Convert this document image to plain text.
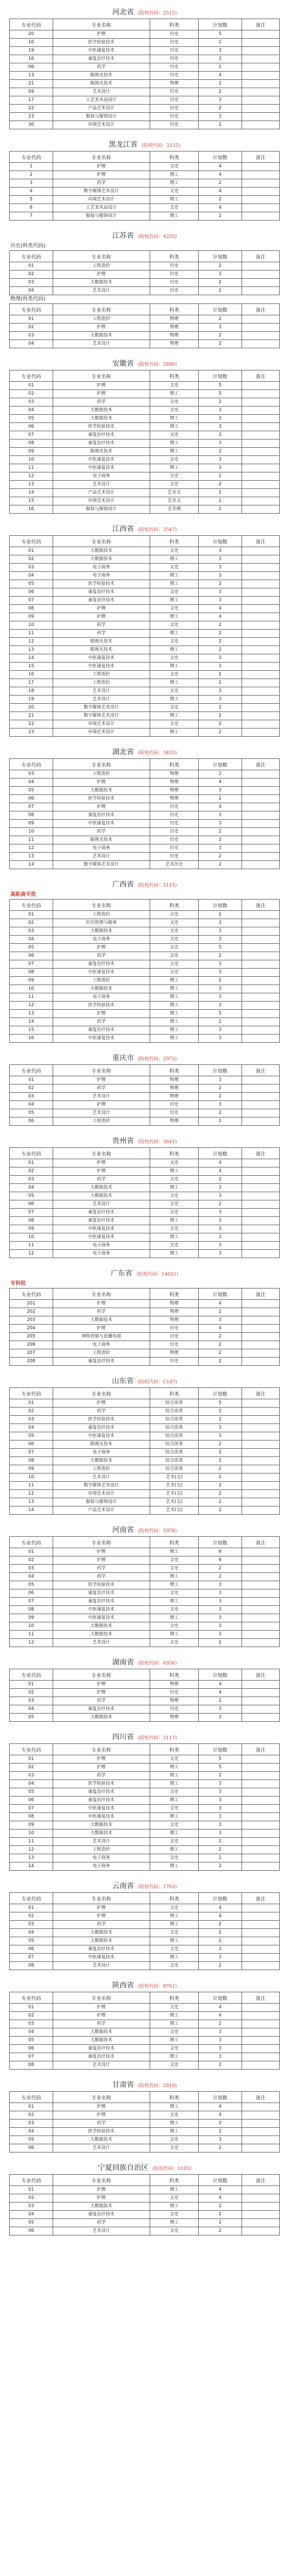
河北省 (院校代码：2515)
专业代码	专业名称	科类	计划数	备注
20	护理	历史	5	
10	医学检验技术	历史	1	
19	中医康复技术	历史	3	
16	康复治疗技术	历史	3	
06	药学	历史	2	
13	眼视光技术	历史	4	
21	眼视光技术	物理	2	
09	艺术设计	历史	2	
17	工艺美术品设计	历史	3	
22	产品艺术设计	历史	2	
23	服装与服饰设计	历史	3	
30	环境艺术设计	历史	2	
黑龙江省 (院校代码：2115)
专业代码	专业名称	科类	计划数	备注
1	护理	文史	4	
2	护理	理工	4	
3	药学	理工	2	
4	数字媒体艺术设计	文史	4	
5	环境艺术设计	理工	2	
6	工艺美术品设计	文史	4	
7	服装与服饰设计	理工	2	
江苏省 (院校代码：4255)
历史(科类代码)
专业代码	专业名称	科类	计划数	备注
01	工程造价	历史	2	
02	护理	历史	3	
03	大数据技术	历史	2	
04	艺术设计	历史	2	
物理(科类代码)
专业代码	专业名称	科类	计划数	备注
01	工程造价	物理	2	
02	护理	物理	3	
03	大数据技术	物理	2	
04	艺术设计	物理	2	
安徽省 (院校代码：2896)
专业代码	专业名称	科类	计划数	备注
01	护理	文史	5	
02	护理	理工	5	
03	药学	文史	2	
04	大数据技术	文史	3	
05	大数据技术	理工	3	
06	医学检验技术	理工	3	
07	康复治疗技术	文史	3	
08	康复治疗技术	理工	3	
09	眼视光技术	理工	2	
10	中医康复技术	文史	3	
11	中医康复技术	理工	3	
12	电子商务	文史	2	
13	艺术设计	文史	2	
14	产品艺术设计	艺术文	2	
15	环境艺术设计	艺术文	2	
16	服装与服饰设计	艺术理	2	
江西省 (院校代码：2547)
专业代码	专业名称	科类	计划数	备注
01	大数据技术	文史	3	
02	大数据技术	理工	3	
03	电子商务	文史	3	
04	电子商务	理工	3	
05	医学检验技术	理工	2	
06	康复治疗技术	文史	3	
07	康复治疗技术	理工	3	
08	护理	文史	4	
09	护理	理工	4	
10	药学	文史	2	
11	药学	理工	2	
12	眼视光技术	文史	2	
13	眼视光技术	理工	2	
14	中医康复技术	文史	3	
15	中医康复技术	理工	3	
16	工程造价	文史	2	
17	工程造价	理工	2	
18	艺术设计	文史	3	
19	艺术设计	理工	3	
20	数字媒体艺术设计	文史	2	
21	数字媒体艺术设计	理工	2	
22	环境艺术设计	文史	2	
23	环境艺术设计	理工	2	
湖北省 (院校代码：3455)
专业代码	专业名称	科类	计划数	备注
03	工程造价	物理	2	
04	护理	物理	4	
05	大数据技术	物理	3	
06	医学检验技术	物理	2	
07	护理	历史	4	
08	康复治疗技术	历史	3	
09	中医康复技术	历史	3	
10	药学	历史	2	
11	眼视光技术	历史	2	
12	电子商务	历史	3	
13	艺术设计	历史	2	
14	数字媒体艺术设计	艺术历史	2	
广西省 (院校代码：5115)
高职高专批
专业代码	专业名称	科类	计划数	备注
01	工程造价	文史	2	
02	社区管理与服务	文史	3	
03	大数据技术	文史	3	
04	电子商务	文史	3	
05	护理	文史	5	
06	药学	文史	2	
07	康复治疗技术	文史	3	
08	中医康复技术	文史	3	
09	工程造价	理工	2	
10	大数据技术	理工	3	
11	电子商务	理工	3	
12	医学检验技术	理工	3	
13	护理	理工	5	
14	药学	理工	2	
15	康复治疗技术	理工	3	
16	中医康复技术	理工	3	
重庆市 (院校代码：2973)
专业代码	专业名称	科类	计划数	备注
01	护理	物理	3	
02	药学	物理	2	
03	艺术设计	物理	2	
04	护理	历史	3	
05	艺术设计	历史	2	
06	工程造价	物理	2	
贵州省 (院校代码：3641)
专业代码	专业名称	科类	计划数	备注
01	护理	文史	4	
02	护理	理工	4	
03	药学	文史	2	
04	大数据技术	理工	3	
05	大数据技术	文史	3	
06	艺术设计	文史	2	
07	康复治疗技术	文史	3	
08	康复治疗技术	理工	3	
09	中医康复技术	文史	3	
10	中医康复技术	理工	3	
11	电子商务	文史	3	
12	电子商务	理工	3	
广东省 (院校代码：14621)
专科批
专业代码	专业名称	科类	计划数	备注
201	护理	物理	4	
202	药学	物理	2	
203	大数据技术	物理	3	
204	护理	历史	4	
205	网络营销与直播电商	历史	2	
206	电子商务	历史	2	
207	工程造价	物理	2	
208	康复治疗技术	历史	2	
山东省 (院校代码：C107)
专业代码	专业名称	科类	计划数	备注
01	护理	综合改革	5	
02	药学	综合改革	2	
03	医学检验技术	综合改革	2	
04	康复治疗技术	综合改革	3	
05	中医康复技术	综合改革	3	
06	眼视光技术	综合改革	2	
07	电子商务	综合改革	2	
08	大数据技术	综合改革	2	
09	工程造价	综合改革	2	
10	艺术设计	艺术(文)	2	
11	数字媒体艺术设计	艺术(文)	2	
12	环境艺术设计	艺术(文)	2	
13	服装与服饰设计	艺术(文)	2	
14	产品艺术设计	艺术(文)	2	
河南省 (院校代码：5978)
专业代码	专业名称	科类	计划数	备注
01	护理	理工	6	
02	护理	文史	6	
03	药学	文史	2	
04	药学	理工	2	
05	医学检验技术	理工	3	
06	康复治疗技术	文史	3	
07	康复治疗技术	理工	3	
08	中医康复技术	文史	3	
09	中医康复技术	理工	3	
10	大数据技术	文史	3	
11	大数据技术	理工	3	
12	艺术设计	文史	2	
湖南省 (院校代码：6936)
专业代码	专业名称	科类	计划数	备注
01	护理	物理	4	
02	护理	历史	4	
03	药学	物理	2	
04	康复治疗技术	历史	3	
05	大数据技术	物理	3	
四川省 (院校代码：5117)
专业代码	专业名称	科类	计划数	备注
01	护理	文史	5	
02	护理	理工	5	
03	药学	理工	2	
04	医学检验技术	理工	3	
05	康复治疗技术	文史	3	
06	康复治疗技术	理工	3	
07	中医康复技术	文史	3	
08	中医康复技术	理工	3	
09	大数据技术	文史	3	
10	大数据技术	理工	3	
11	艺术设计	文史	2	
12	工程造价	理工	2	
13	电子商务	文史	2	
14	电子商务	理工	2	
云南省 (院校代码：1763)
专业代码	专业名称	科类	计划数	备注
01	护理	文史	4	
02	护理	理工	4	
03	药学	理工	2	
04	大数据技术	文史	2	
05	大数据技术	理工	2	
06	康复治疗技术	文史	3	
07	中医康复技术	理工	3	
08	艺术设计	文史	2	
陕西省 (院校代码：8761)
专业代码	专业名称	科类	计划数	备注
01	护理	文史	4	
02	护理	理工	4	
03	药学	理工	2	
04	大数据技术	文史	3	
05	大数据技术	理工	3	
06	康复治疗技术	文史	3	
07	康复治疗技术	理工	3	
08	艺术设计	文史	2	
甘肃省 (院校代码：2819)
专业代码	专业名称	科类	计划数	备注
01	护理	理工	4	
02	护理	文史	4	
03	药学	理工	2	
04	医学检验技术	理工	2	
05	大数据技术	文史	3	
06	艺术设计	文史	2	
宁夏回族自治区 (院校代码：1105)
专业代码	专业名称	科类	计划数	备注
01	护理	理工	4	
02	护理	文史	4	
03	大数据技术	理工	2	
04	康复治疗技术	文史	2	
05	药学	理工	2	
06	艺术设计	文史	2	
